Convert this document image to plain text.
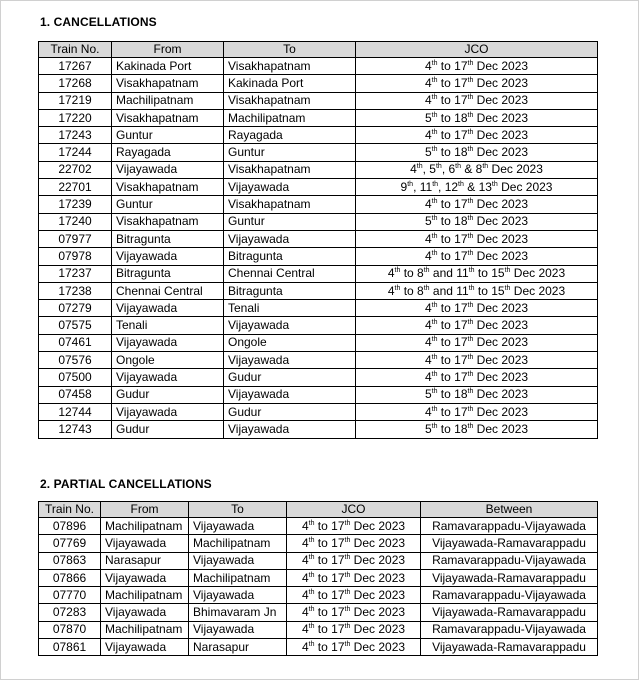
1. CANCELLATIONS
Train No.	From	To	JCO
17267	Kakinada Port	Visakhapatnam	4th to 17th Dec 2023
17268	Visakhapatnam	Kakinada Port	4th to 17th Dec 2023
17219	Machilipatnam	Visakhapatnam	4th to 17th Dec 2023
17220	Visakhapatnam	Machilipatnam	5th to 18th Dec 2023
17243	Guntur	Rayagada	4th to 17th Dec 2023
17244	Rayagada	Guntur	5th to 18th Dec 2023
22702	Vijayawada	Visakhapatnam	4th, 5th, 6th & 8th Dec 2023
22701	Visakhapatnam	Vijayawada	9th, 11th, 12th & 13th Dec 2023
17239	Guntur	Visakhapatnam	4th to 17th Dec 2023
17240	Visakhapatnam	Guntur	5th to 18th Dec 2023
07977	Bitragunta	Vijayawada	4th to 17th Dec 2023
07978	Vijayawada	Bitragunta	4th to 17th Dec 2023
17237	Bitragunta	Chennai Central	4th to 8th and 11th to 15th Dec 2023
17238	Chennai Central	Bitragunta	4th to 8th and 11th to 15th Dec 2023
07279	Vijayawada	Tenali	4th to 17th Dec 2023
07575	Tenali	Vijayawada	4th to 17th Dec 2023
07461	Vijayawada	Ongole	4th to 17th Dec 2023
07576	Ongole	Vijayawada	4th to 17th Dec 2023
07500	Vijayawada	Gudur	4th to 17th Dec 2023
07458	Gudur	Vijayawada	5th to 18th Dec 2023
12744	Vijayawada	Gudur	4th to 17th Dec 2023
12743	Gudur	Vijayawada	5th to 18th Dec 2023
2. PARTIAL CANCELLATIONS
Train No.	From	To	JCO	Between
07896	Machilipatnam	Vijayawada	4th to 17th Dec 2023	Ramavarappadu-Vijayawada
07769	Vijayawada	Machilipatnam	4th to 17th Dec 2023	Vijayawada-Ramavarappadu
07863	Narasapur	Vijayawada	4th to 17th Dec 2023	Ramavarappadu-Vijayawada
07866	Vijayawada	Machilipatnam	4th to 17th Dec 2023	Vijayawada-Ramavarappadu
07770	Machilipatnam	Vijayawada	4th to 17th Dec 2023	Ramavarappadu-Vijayawada
07283	Vijayawada	Bhimavaram Jn	4th to 17th Dec 2023	Vijayawada-Ramavarappadu
07870	Machilipatnam	Vijayawada	4th to 17th Dec 2023	Ramavarappadu-Vijayawada
07861	Vijayawada	Narasapur	4th to 17th Dec 2023	Vijayawada-Ramavarappadu
